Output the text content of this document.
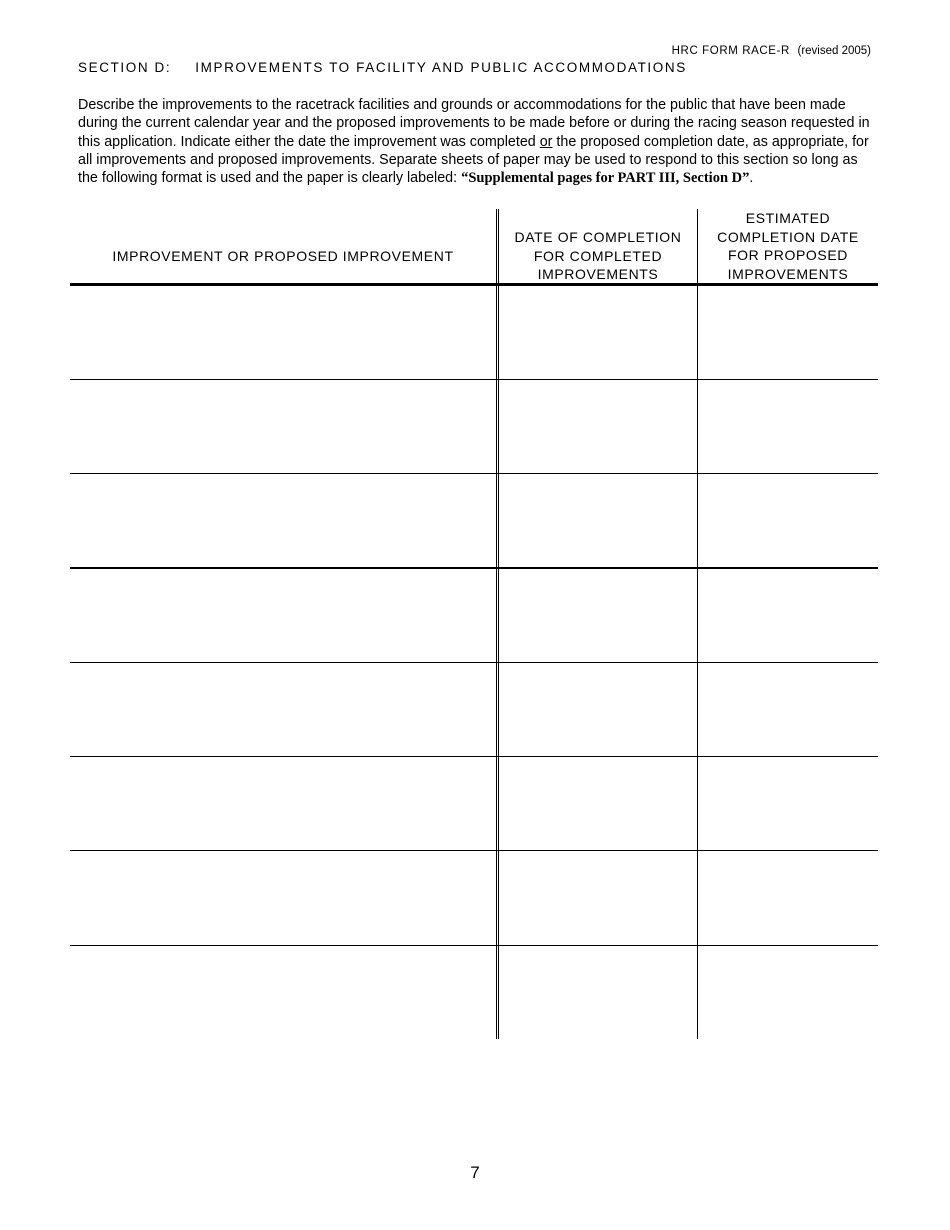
HRC FORM RACE-R (revised 2005)
SECTION D: IMPROVEMENTS TO FACILITY AND PUBLIC ACCOMMODATIONS
Describe the improvements to the racetrack facilities and grounds or accommodations for the public that have been made during the current calendar year and the proposed improvements to be made before or during the racing season requested in this application. Indicate either the date the improvement was completed or the proposed completion date, as appropriate, for all improvements and proposed improvements. Separate sheets of paper may be used to respond to this section so long as the following format is used and the paper is clearly labeled: “Supplemental pages for PART III, Section D”.
IMPROVEMENT OR PROPOSED IMPROVEMENT
DATE OF COMPLETION
FOR COMPLETED
IMPROVEMENTS
ESTIMATED
COMPLETION DATE
FOR PROPOSED
IMPROVEMENTS
7
